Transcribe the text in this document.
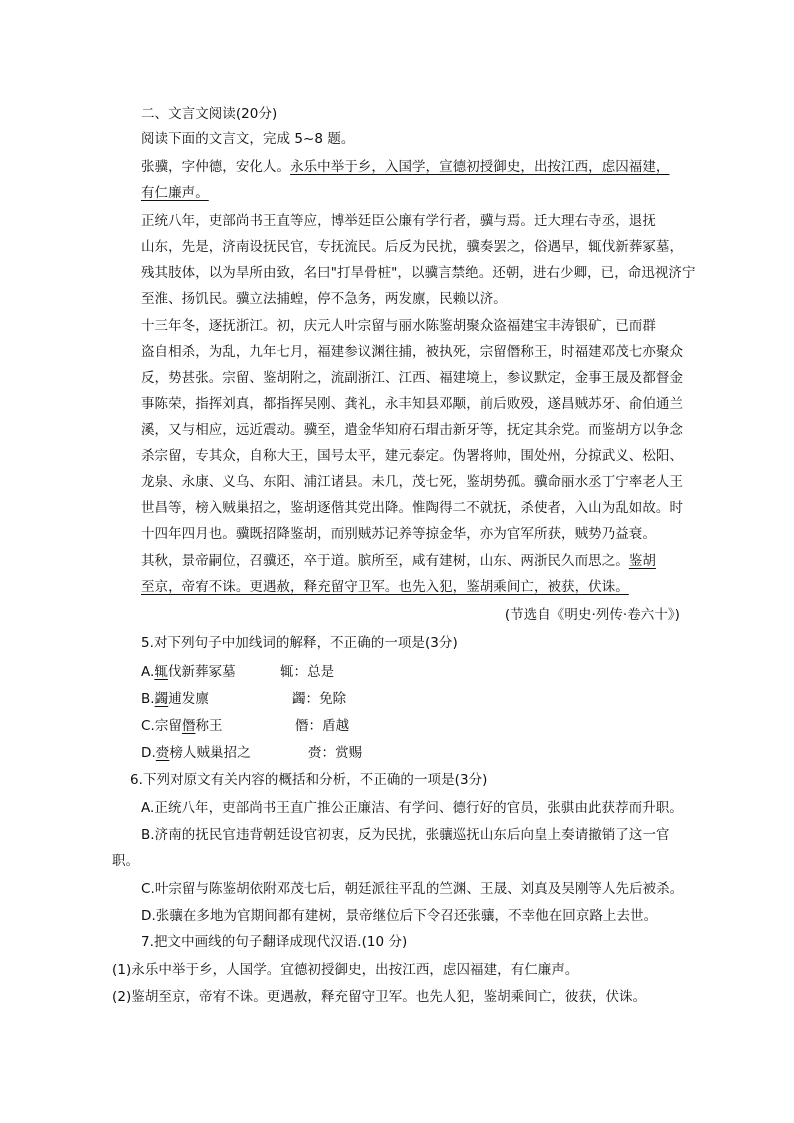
二、文言文阅读(20分)
阅读下面的文言文，完成 5~8 题。
张骥，字仲德，安化人。永乐中举于乡，入国学，宣德初授御史，出按江西，虑囚福建，
有仁廉声。
正统八年，吏部尚书王直等应，博举廷臣公廉有学行者，骥与焉。迁大理右寺丞，退抚
山东，先是，济南设抚民官，专抚流民。后反为民扰，骥奏罢之，俗遇早，辄伐新葬冢墓，
残其肢体，以为旱所由致，名曰"打旱骨桩"，以骥言禁绝。还朝，进右少卿，已，命迅视济宁
至淮、扬饥民。骥立法捕蝗，停不急务，两发廪，民赖以济。
十三年冬，逐抚浙江。初，庆元人叶宗留与丽水陈鉴胡聚众盗福建宝丰涛银矿，已而群
盗自相杀，为乱，九年七月，福建参议渊往捕，被执死，宗留僭称王，时福建邓茂七亦聚众
反，势甚张。宗留、鉴胡附之，流副浙江、江西、福建境上，参议默定，金事王晟及都督金
事陈荣，指挥刘真，都指挥吴刚、龚礼，永丰知县邓颙，前后败殁，遂昌贼苏牙、俞伯通兰
溪，又与相应，远近震动。骥至，遣金华知府石瑁击新牙等，抚定其余党。而鉴胡方以争念
杀宗留，专其众，自称大王，国号太平，建元泰定。伪署将帅，围处州，分掠武义、松阳、
龙泉、永康、义乌、东阳、浦江诸县。未几，茂七死，鉴胡势孤。骥命丽水丞丁宁率老人王
世昌等，榜入贼巢招之，鉴胡逐偕其党出降。惟陶得二不就抚，杀使者，入山为乱如故。时
十四年四月也。骥既招降鉴胡，而别贼苏记养等掠金华，亦为官军所获，贼势乃益衰。
其秋，景帝嗣位，召骥还，卒于道。膑所至，咸有建树，山东、两浙民久而思之。鉴胡
至京，帝宥不诛。更遇赦，释充留守卫军。也先入犯，鉴胡乘间亡，被获，伏诛。
(节选自《明史·列传·卷六十》)
5.对下列句子中加线词的解释，不正确的一项是(3分)
A.辄伐新葬冢墓	辄：总是
B.蠲逋发廪	蠲：免除
C.宗留僭称王	僭：盾越
D.赍榜人贼巢招之	赍：赏赐
6.下列对原文有关内容的概括和分析，不正确的一项是(3分)
A.正统八年，吏部尚书王直广推公正廉洁、有学问、德行好的官员，张骐由此获荐而升职。
B.济南的抚民官违背朝廷设官初衷，反为民扰，张骧巡抚山东后向皇上奏请撤销了这一官
职。
C.叶宗留与陈鉴胡依附邓茂七后，朝廷派往平乱的竺渊、王晟、刘真及吴刚等人先后被杀。
D.张骧在多地为官期间都有建树，景帝继位后下令召还张骧，不幸他在回京路上去世。
7.把文中画线的句子翻译成现代汉语.(10 分)
(1)永乐中举于乡，人国学。宜德初授御史，出按江西，虑囚福建，有仁廉声。
(2)鉴胡至京，帝宥不诛。更遇赦，释充留守卫军。也先人犯，鉴胡乘间亡，彼获，伏诛。
